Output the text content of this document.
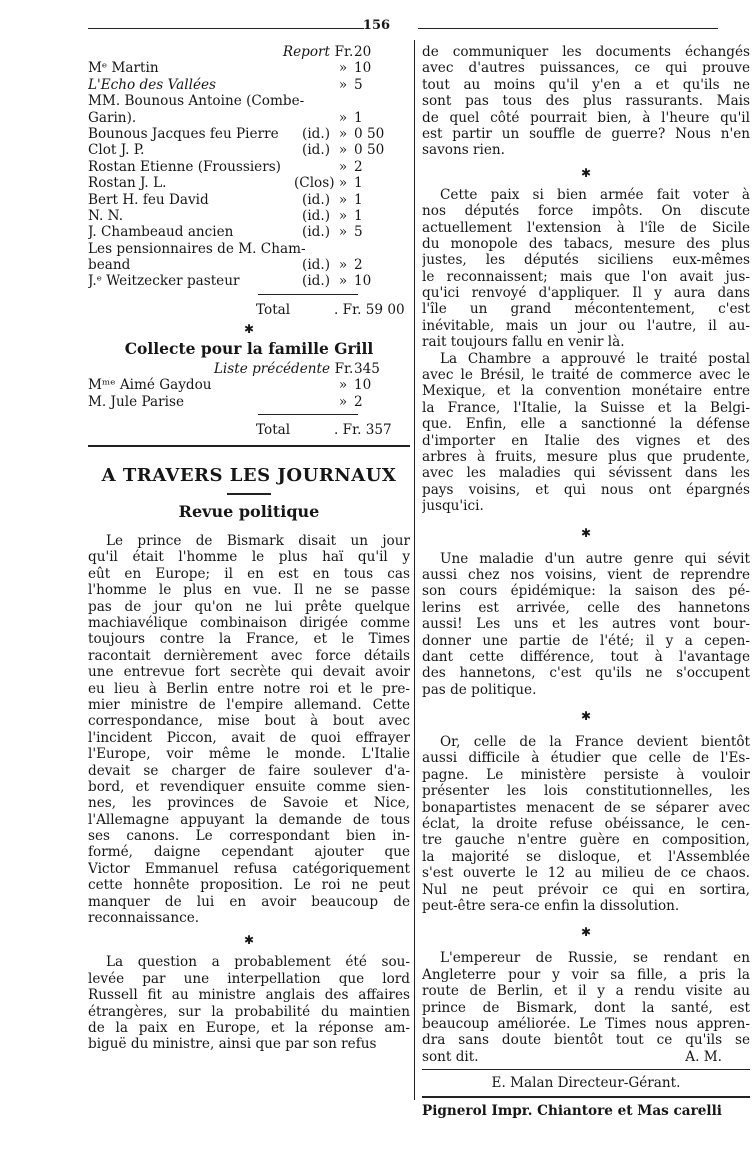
156
Report Fr. 20
Mᵉ Martin	» 10
L'Echo des Vallées	» 5
MM. Bounous Antoine (Combe-
Garin).	» 1
Bounous Jacques feu Pierre	(id.) » 0 50
Clot J. P.	(id.) » 0 50
Rostan Etienne (Froussiers)	» 2
Rostan J. L.	(Clos) » 1
Bert H. feu David	(id.) » 1
N. N.	(id.) » 1
J. Chambeaud ancien	(id.) » 5
Les pensionnaires de M. Cham-
beand	(id.) » 2
J.ᵉ Weitzecker pasteur	(id.) » 10
Total	. Fr. 59 00
✱
Collecte pour la famille Grill
Liste précédente Fr. 345
Mᵐᵉ Aimé Gaydou	» 10
M. Jule Parise	» 2
Total	. Fr. 357
A TRAVERS LES JOURNAUX
Revue politique
Le prince de Bismark disait un jour
qu'il était l'homme le plus haï qu'il y
eût en Europe; il en est en tous cas
l'homme le plus en vue. Il ne se passe
pas de jour qu'on ne lui prête quelque
machiavélique combinaison dirigée comme
toujours contre la France, et le Times
racontait dernièrement avec force détails
une entrevue fort secrète qui devait avoir
eu lieu à Berlin entre notre roi et le pre-
mier ministre de l'empire allemand. Cette
correspondance, mise bout à bout avec
l'incident Piccon, avait de quoi effrayer
l'Europe, voir même le monde. L'Italie
devait se charger de faire soulever d'a-
bord, et revendiquer ensuite comme sien-
nes, les provinces de Savoie et Nice,
l'Allemagne appuyant la demande de tous
ses canons. Le correspondant bien in-
formé, daigne cependant ajouter que
Victor Emmanuel refusa catégoriquement
cette honnête proposition. Le roi ne peut
manquer de lui en avoir beaucoup de
reconnaissance.
✱
La question a probablement été sou-
levée par une interpellation que lord
Russell fit au ministre anglais des affaires
étrangères, sur la probabilité du maintien
de la paix en Europe, et la réponse am-
biguë du ministre, ainsi que par son refus
de communiquer les documents échangés
avec d'autres puissances, ce qui prouve
tout au moins qu'il y'en a et qu'ils ne
sont pas tous des plus rassurants. Mais
de quel côté pourrait bien, à l'heure qu'il
est partir un souffle de guerre? Nous n'en
savons rien.
✱
Cette paix si bien armée fait voter à
nos députés force impôts. On discute
actuellement l'extension à l'île de Sicile
du monopole des tabacs, mesure des plus
justes, les députés siciliens eux-mêmes
le reconnaissent; mais que l'on avait jus-
qu'ici renvoyé d'appliquer. Il y aura dans
l'île un grand mécontentement, c'est
inévitable, mais un jour ou l'autre, il au-
rait toujours fallu en venir là.
La Chambre a approuvé le traité postal
avec le Brésil, le traité de commerce avec le
Mexique, et la convention monétaire entre
la France, l'Italie, la Suisse et la Belgi-
que. Enfin, elle a sanctionné la défense
d'importer en Italie des vignes et des
arbres à fruits, mesure plus que prudente,
avec les maladies qui sévissent dans les
pays voisins, et qui nous ont épargnés
jusqu'ici.
✱
Une maladie d'un autre genre qui sévit
aussi chez nos voisins, vient de reprendre
son cours épidémique: la saison des pé-
lerins est arrivée, celle des hannetons
aussi! Les uns et les autres vont bour-
donner une partie de l'été; il y a cepen-
dant cette différence, tout à l'avantage
des hannetons, c'est qu'ils ne s'occupent
pas de politique.
✱
Or, celle de la France devient bientôt
aussi difficile à étudier que celle de l'Es-
pagne. Le ministère persiste à vouloir
présenter les lois constitutionnelles, les
bonapartistes menacent de se séparer avec
éclat, la droite refuse obéissance, le cen-
tre gauche n'entre guère en composition,
la majorité se disloque, et l'Assemblée
s'est ouverte le 12 au milieu de ce chaos.
Nul ne peut prévoir ce qui en sortira,
peut-être sera-ce enfin la dissolution.
✱
L'empereur de Russie, se rendant en
Angleterre pour y voir sa fille, a pris la
route de Berlin, et il y a rendu visite au
prince de Bismark, dont la santé, est
beaucoup améliorée. Le Times nous appren-
dra sans doute bientôt tout ce qu'ils se
sont dit.	A. M.
E. Malan Directeur-Gérant.
Pignerol Impr. Chiantore et Mas carelli
